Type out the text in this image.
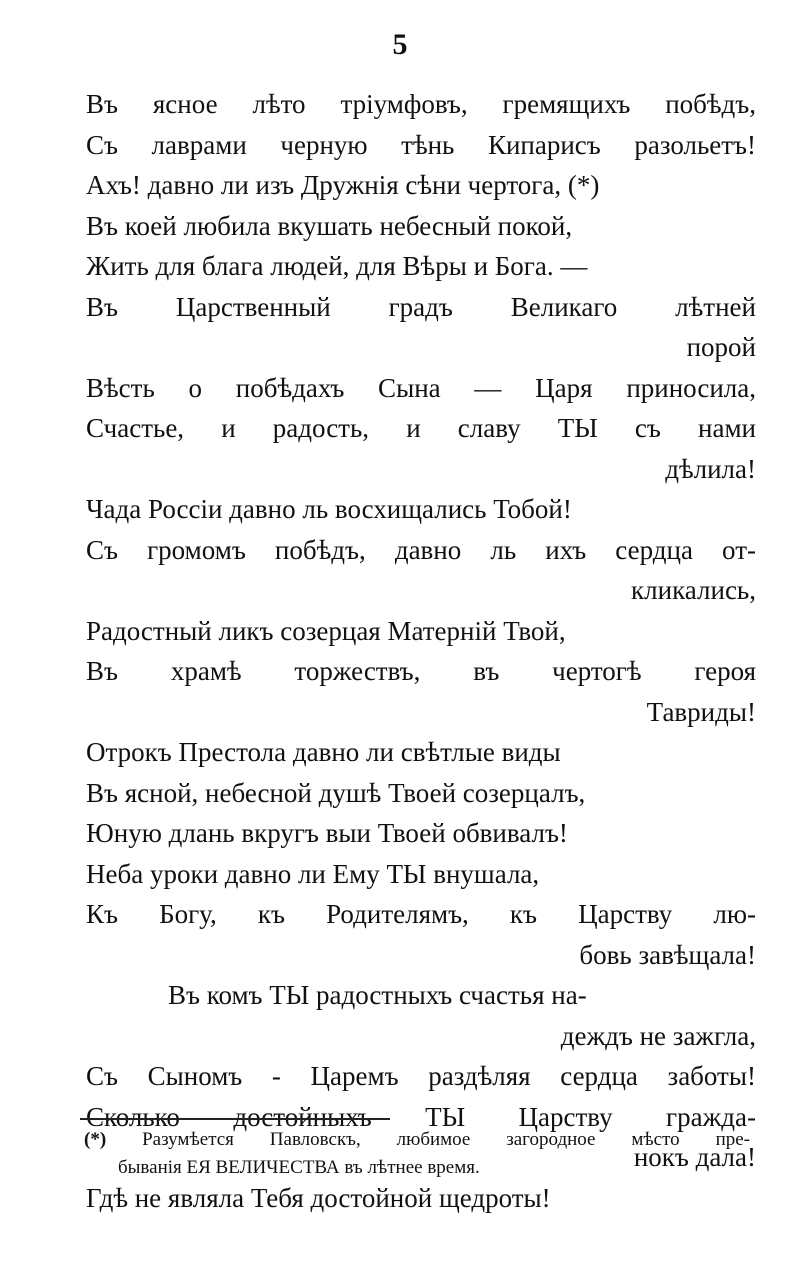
5
Въ ясное лѣто тріумфовъ, гремящихъ побѣдъ,
Съ лаврами черную тѣнь Кипарисъ разольетъ!
Ахъ! давно ли изъ Дружнія сѣни чертога, (*)
Въ коей любила вкушать небесный покой,
Жить для блага людей, для Вѣры и Бога. —
Въ Царственный градъ Великаго лѣтней
порой
Вѣсть о побѣдахъ Сына — Царя приносила,
Счастье, и радость, и славу ТЫ съ нами
дѣлила!
Чада Россіи давно ль восхищались Тобой!
Съ громомъ побѣдъ, давно ль ихъ сердца от-
кликались,
Радостный ликъ созерцая Матерній Твой,
Въ храмѣ торжествъ, въ чертогѣ героя
Тавриды!
Отрокъ Престола давно ли свѣтлые виды
Въ ясной, небесной душѣ Твоей созерцалъ,
Юную длань вкругъ выи Твоей обвивалъ!
Неба уроки давно ли Ему ТЫ внушала,
Къ Богу, къ Родителямъ, къ Царству лю-
бовь завѣщала!
Въ комъ ТЫ радостныхъ счастья на-
деждъ не зажгла,
Съ Сыномъ - Царемъ раздѣляя сердца заботы!
Сколько достойныхъ ТЫ Царству гражда-
нокъ дала!
Гдѣ не являла Тебя достойной щедроты!
(*) Разумѣется Павловскъ, любимое загородное мѣсто пре-
быванія ЕЯ ВЕЛИЧЕСТВА въ лѣтнее время.
